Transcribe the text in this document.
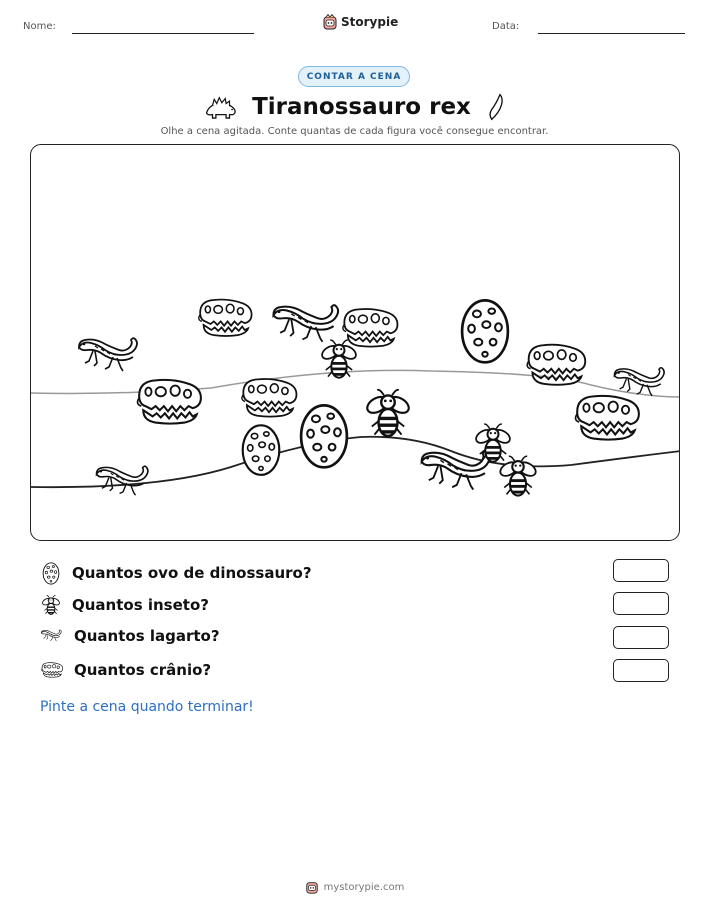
Nome:	Storypie	Data:
CONTAR A CENA
Tiranossauro rex
Olhe a cena agitada. Conte quantas de cada figura você consegue encontrar.
Quantos ovo de dinossauro?
Quantos inseto?
Quantos lagarto?
Quantos crânio?
Pinte a cena quando terminar!
mystorypie.com
